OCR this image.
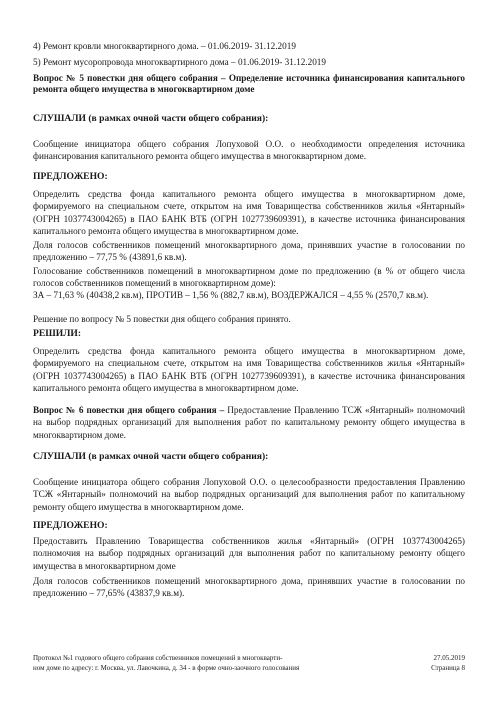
4) Ремонт кровли многоквартирного дома. – 01.06.2019- 31.12.2019
5) Ремонт мусоропровода многоквартирного дома – 01.06.2019- 31.12.2019
Вопрос № 5 повестки дня общего собрания – Определение источника финансирования капитального ремонта общего имущества в многоквартирном доме
СЛУШАЛИ (в рамках очной части общего собрания):
Сообщение инициатора общего собрания Лопуховой О.О. о необходимости определения источника финансирования капитального ремонта общего имущества в многоквартирном доме.
ПРЕДЛОЖЕНО:
Определить средства фонда капитального ремонта общего имущества в многоквартирном доме, формируемого на специальном счете, открытом на имя Товарищества собственников жилья «Янтарный» (ОГРН 1037743004265) в ПАО БАНК ВТБ (ОГРН 1027739609391), в качестве источника финансирования капитального ремонта общего имущества в многоквартирном доме.
Доля голосов собственников помещений многоквартирного дома, принявших участие в голосовании по предложению – 77,75 % (43891,6 кв.м).
Голосование собственников помещений в многоквартирном доме по предложению (в % от общего числа голосов собственников помещений в многоквартирном доме):
ЗА – 71,63 % (40438,2 кв.м), ПРОТИВ – 1,56 % (882,7 кв.м), ВОЗДЕРЖАЛСЯ – 4,55 % (2570,7 кв.м).
Решение по вопросу № 5 повестки дня общего собрания принято.
РЕШИЛИ:
Определить средства фонда капитального ремонта общего имущества в многоквартирном доме, формируемого на специальном счете, открытом на имя Товарищества собственников жилья «Янтарный» (ОГРН 1037743004265) в ПАО БАНК ВТБ (ОГРН 1027739609391), в качестве источника финансирования капитального ремонта общего имущества в многоквартирном доме.
Вопрос № 6 повестки дня общего собрания – Предоставление Правлению ТСЖ «Янтарный» полномочий на выбор подрядных организаций для выполнения работ по капитальному ремонту общего имущества в многоквартирном доме.
СЛУШАЛИ (в рамках очной части общего собрания):
Сообщение инициатора общего собрания Лопуховой О.О. о целесообразности предоставления Правлению ТСЖ «Янтарный» полномочий на выбор подрядных организаций для выполнения работ по капитальному ремонту общего имущества в многоквартирном доме.
ПРЕДЛОЖЕНО:
Предоставить Правлению Товарищества собственников жилья «Янтарный» (ОГРН 1037743004265) полномочия на выбор подрядных организаций для выполнения работ по капитальному ремонту общего имущества в многоквартирном доме
Доля голосов собственников помещений многоквартирного дома, принявших участие в голосовании по предложению – 77,65% (43837,9 кв.м).
Протокол №1 годового общего собрания собственников помещений в многокварти-
ном доме по адресу: г. Москва, ул. Лавочкина, д. 34 - в форме очно-заочного голосования
27.05.2019
Страница 8
